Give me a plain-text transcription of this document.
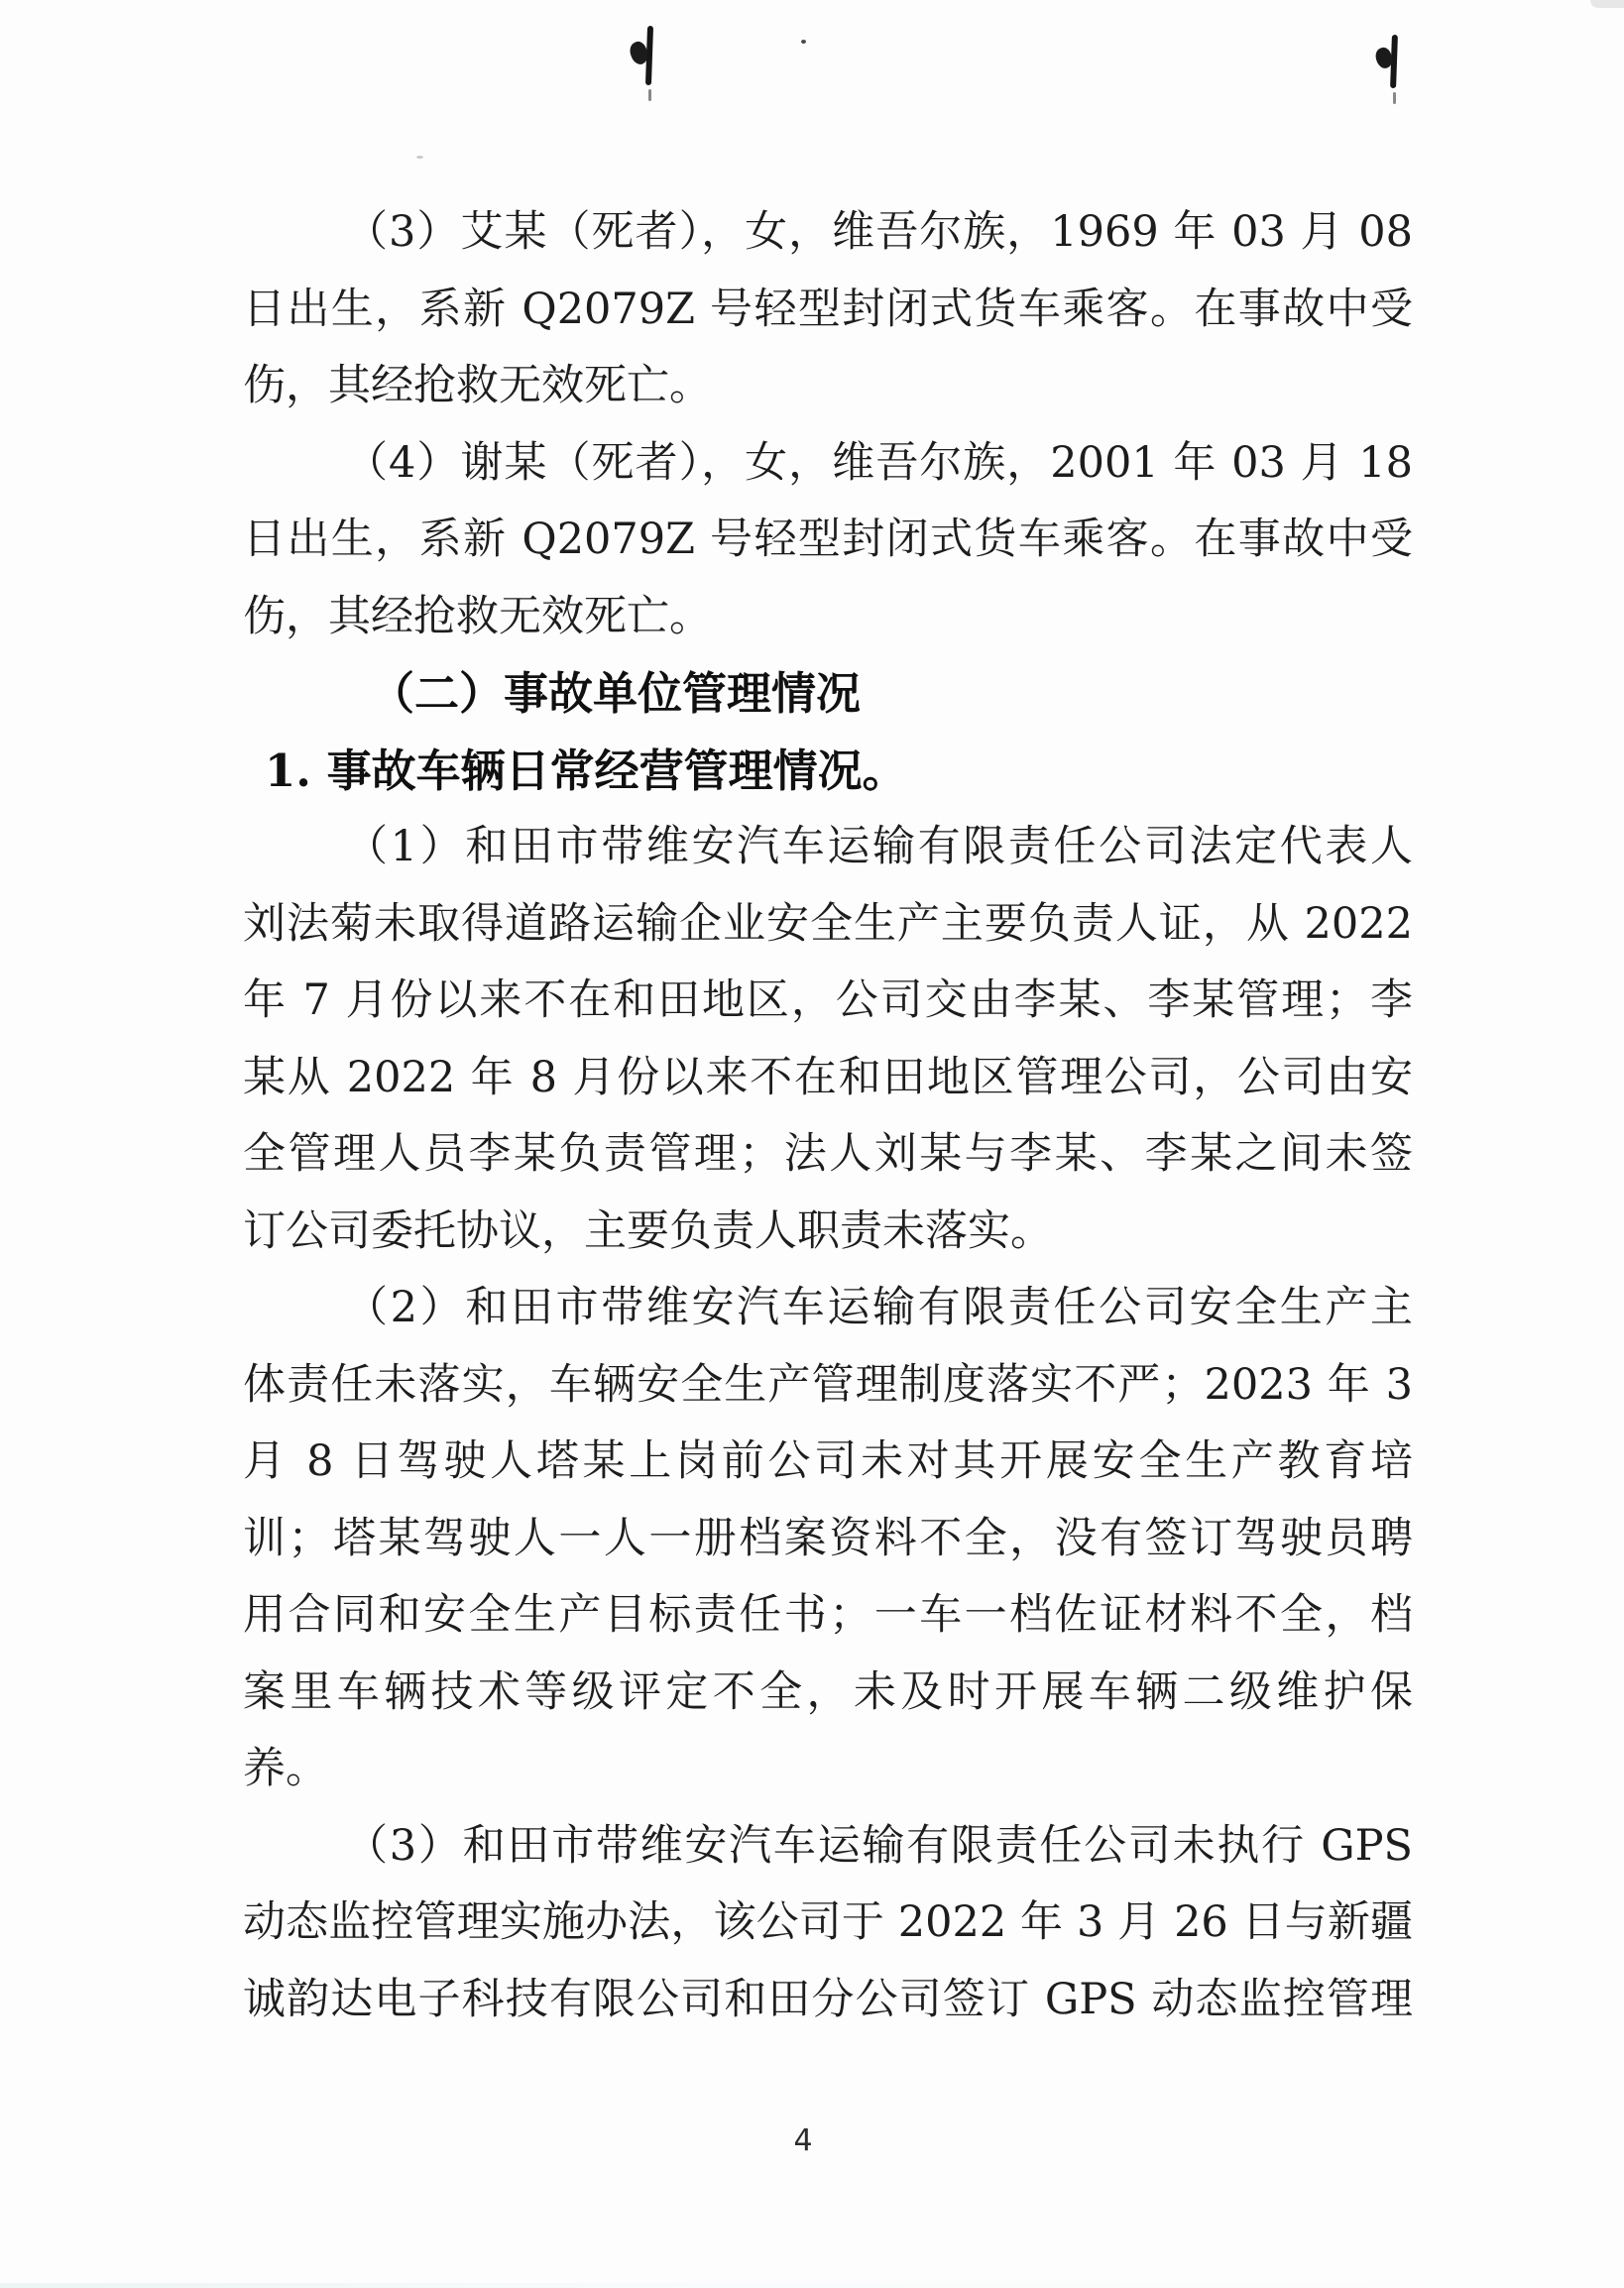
（3）艾某（死者），女，维吾尔族，1969 年 03 月 08
日出生，系新 Q2079Z 号轻型封闭式货车乘客。在事故中受
伤，其经抢救无效死亡。
（4）谢某（死者），女，维吾尔族，2001 年 03 月 18
日出生，系新 Q2079Z 号轻型封闭式货车乘客。在事故中受
伤，其经抢救无效死亡。
（二）事故单位管理情况
1. 事故车辆日常经营管理情况。
（1）和田市带维安汽车运输有限责任公司法定代表人
刘法菊未取得道路运输企业安全生产主要负责人证，从 2022
年 7 月份以来不在和田地区，公司交由李某、李某管理；李
某从 2022 年 8 月份以来不在和田地区管理公司，公司由安
全管理人员李某负责管理；法人刘某与李某、李某之间未签
订公司委托协议，主要负责人职责未落实。
（2）和田市带维安汽车运输有限责任公司安全生产主
体责任未落实，车辆安全生产管理制度落实不严；2023 年 3
月 8 日驾驶人塔某上岗前公司未对其开展安全生产教育培
训；塔某驾驶人一人一册档案资料不全，没有签订驾驶员聘
用合同和安全生产目标责任书；一车一档佐证材料不全，档
案里车辆技术等级评定不全，未及时开展车辆二级维护保
养。
（3）和田市带维安汽车运输有限责任公司未执行 GPS
动态监控管理实施办法，该公司于 2022 年 3 月 26 日与新疆
诚韵达电子科技有限公司和田分公司签订 GPS 动态监控管理
4
